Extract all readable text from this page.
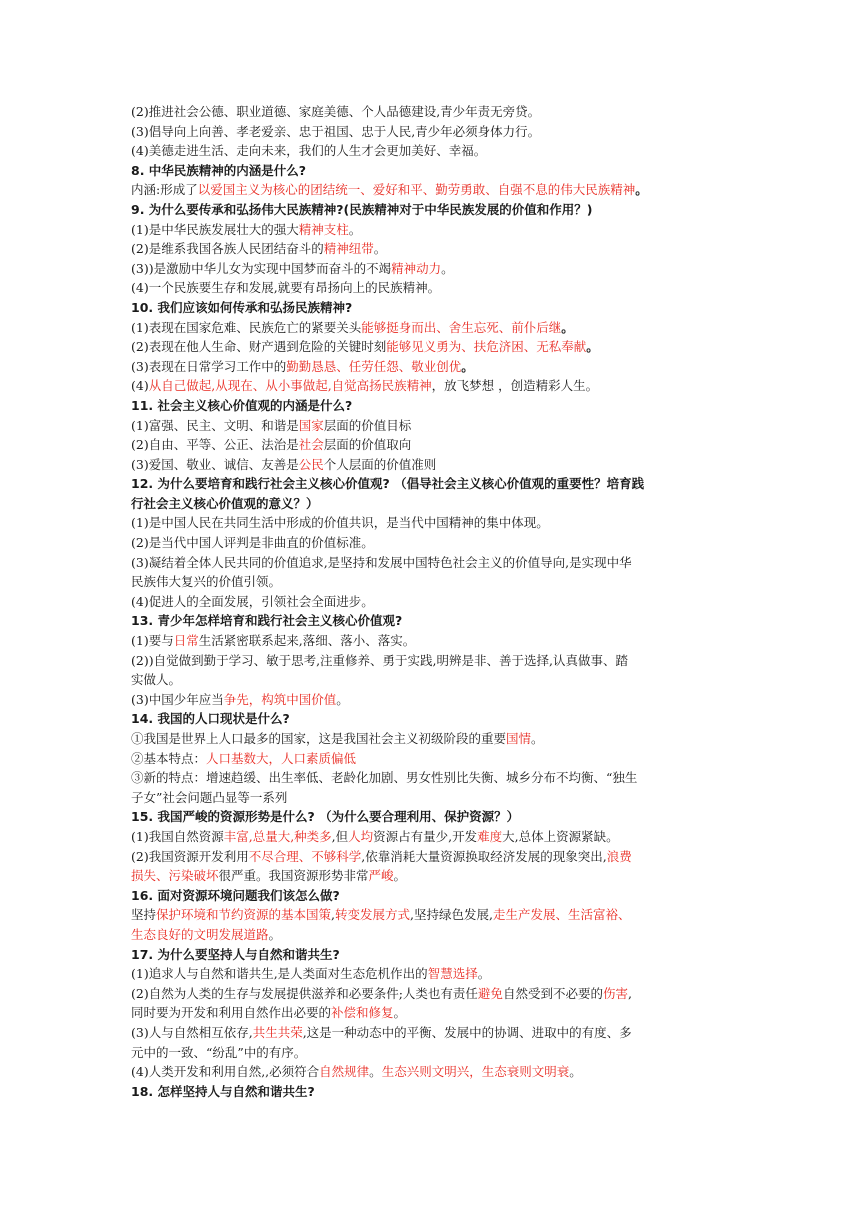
(2)推进社会公德、职业道德、家庭美德、个人品德建设,青少年责无旁贷。
(3)倡导向上向善、孝老爱亲、忠于祖国、忠于人民,青少年必须身体力行。
(4)美德走进生活、走向未来，我们的人生才会更加美好、幸福。
8. 中华民族精神的内涵是什么?
内涵:形成了以爱国主义为核心的团结统一、爱好和平、勤劳勇敢、自强不息的伟大民族精神。
9. 为什么要传承和弘扬伟大民族精神?(民族精神对于中华民族发展的价值和作用？)
(1)是中华民族发展壮大的强大精神支柱。
(2)是维系我国各族人民团结奋斗的精神纽带。
(3))是激励中华儿女为实现中国梦而奋斗的不竭精神动力。
(4)一个民族要生存和发展,就要有昂扬向上的民族精神。
10. 我们应该如何传承和弘扬民族精神?
(1)表现在国家危难、民族危亡的紧要关头能够挺身而出、舍生忘死、前仆后继。
(2)表现在他人生命、财产遇到危险的关键时刻能够见义勇为、扶危济困、无私奉献。
(3)表现在日常学习工作中的勤勤恳恳、任劳任怨、敬业创优。
(4)从自己做起,从现在、从小事做起,自觉高扬民族精神，放飞梦想 ，创造精彩人生。
11. 社会主义核心价值观的内涵是什么?
(1)富强、民主、文明、和谐是国家层面的价值目标
(2)自由、平等、公正、法治是社会层面的价值取向
(3)爱国、敬业、诚信、友善是公民个人层面的价值准则
12. 为什么要培育和践行社会主义核心价值观? （倡导社会主义核心价值观的重要性？培育践
行社会主义核心价值观的意义？）
(1)是中国人民在共同生活中形成的价值共识，是当代中国精神的集中体现。
(2)是当代中国人评判是非曲直的价值标准。
(3)凝结着全体人民共同的价值追求,是坚持和发展中国特色社会主义的价值导向,是实现中华
民族伟大复兴的价值引领。
(4)促进人的全面发展，引领社会全面进步。
13. 青少年怎样培育和践行社会主义核心价值观?
(1)要与日常生活紧密联系起来,落细、落小、落实。
(2))自觉做到勤于学习、敏于思考,注重修养、勇于实践,明辨是非、善于选择,认真做事、踏
实做人。
(3)中国少年应当争先，构筑中国价值。
14. 我国的人口现状是什么?
①我国是世界上人口最多的国家，这是我国社会主义初级阶段的重要国情。
②基本特点：人口基数大，人口素质偏低
③新的特点：增速趋缓、出生率低、老龄化加剧、男女性别比失衡、城乡分布不均衡、“独生
子女”社会问题凸显等一系列
15. 我国严峻的资源形势是什么? （为什么要合理利用、保护资源？）
(1)我国自然资源丰富,总量大,种类多,但人均资源占有量少,开发难度大,总体上资源紧缺。
(2)我国资源开发利用不尽合理、不够科学,依靠消耗大量资源换取经济发展的现象突出,浪费
损失、污染破坏很严重。我国资源形势非常严峻。
16. 面对资源环境问题我们该怎么做?
坚持保护环境和节约资源的基本国策,转变发展方式,坚持绿色发展,走生产发展、生活富裕、
生态良好的文明发展道路。
17. 为什么要坚持人与自然和谐共生?
(1)追求人与自然和谐共生,是人类面对生态危机作出的智慧选择。
(2)自然为人类的生存与发展提供滋养和必要条件;人类也有责任避免自然受到不必要的伤害,
同时要为开发和利用自然作出必要的补偿和修复。
(3)人与自然相互依存,共生共荣,这是一种动态中的平衡、发展中的协调、进取中的有度、多
元中的一致、“纷乱”中的有序。
(4)人类开发和利用自然,,必须符合自然规律。生态兴则文明兴，生态衰则文明衰。
18. 怎样坚持人与自然和谐共生?
